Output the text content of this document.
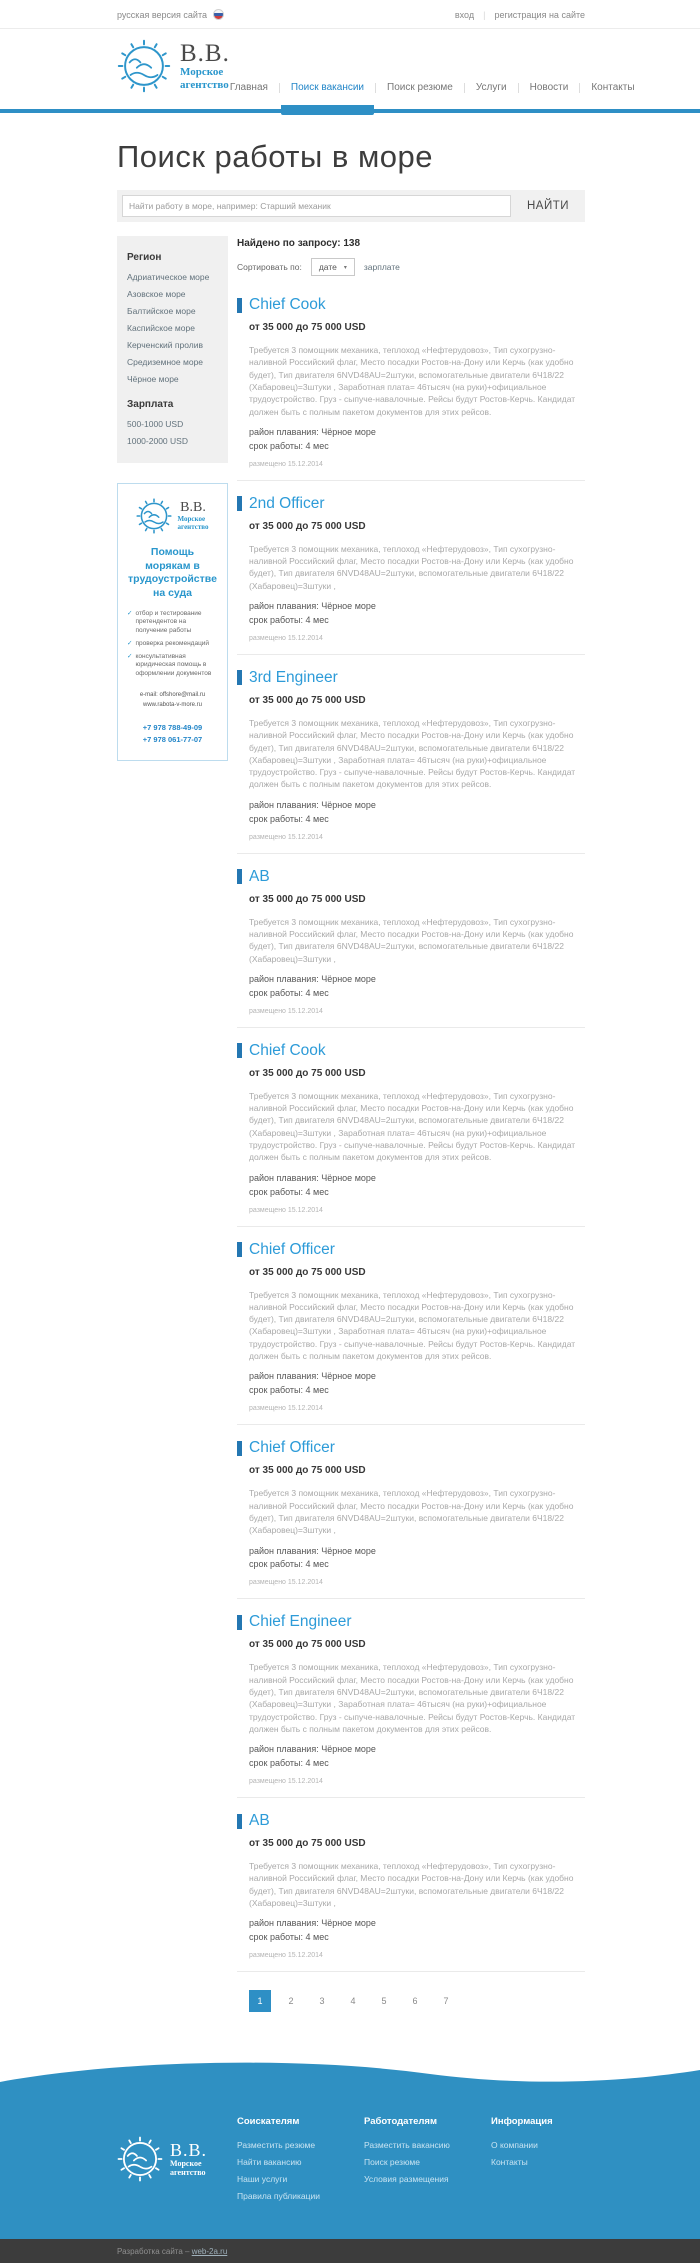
русская версия сайта	вход | регистрация на сайте
В.В.
Морское
агентство Главная Поиск вакансии Поиск резюме Услуги Новости Контакты
Поиск работы в море
Найти работу в море, например: Старший механик
НАЙТИ
Регион
Адриатическое море
Азовское море
Балтийское море
Каспийское море
Керченский пролив
Средиземное море
Чёрное море
Зарплата
500-1000 USD
1000-2000 USD
В.В.
Морское
агентство
Помощь морякам в трудоустройстве на суда
✓ отбор и тестирование претендентов на получение работы
✓ проверка рекомендаций
✓ консультативная юридическая помощь в оформлении документов
e-mail: offshore@mail.ru
www.rabota-v-more.ru
+7 978 788-49-09
+7 978 061-77-07
Найдено по запросу: 138
Сортировать по: дате ▾ зарплате
Chief Cook
от 35 000 до 75 000 USD
Требуется 3 помощник механика, теплоход «Нефтерудовоз», Тип сухогрузно-наливной Российский флаг, Место посадки Ростов-на-Дону или Керчь (как удобно будет), Тип двигателя 6NVD48AU=2штуки, вспомогательные двигатели 6Ч18/22 (Хабаровец)=3штуки , Заработная плата= 46тысяч (на руки)+официальное трудоустройство. Груз - сыпуче-навалочные. Рейсы будут Ростов-Керчь. Кандидат должен быть с полным пакетом документов для этих рейсов.
район плавания: Чёрное море
срок работы: 4 мес
размещено 15.12.2014
2nd Officer
от 35 000 до 75 000 USD
Требуется 3 помощник механика, теплоход «Нефтерудовоз», Тип сухогрузно-наливной Российский флаг, Место посадки Ростов-на-Дону или Керчь (как удобно будет), Тип двигателя 6NVD48AU=2штуки, вспомогательные двигатели 6Ч18/22 (Хабаровец)=3штуки ,
район плавания: Чёрное море
срок работы: 4 мес
размещено 15.12.2014
3rd Engineer
от 35 000 до 75 000 USD
Требуется 3 помощник механика, теплоход «Нефтерудовоз», Тип сухогрузно-наливной Российский флаг, Место посадки Ростов-на-Дону или Керчь (как удобно будет), Тип двигателя 6NVD48AU=2штуки, вспомогательные двигатели 6Ч18/22 (Хабаровец)=3штуки , Заработная плата= 46тысяч (на руки)+официальное трудоустройство. Груз - сыпуче-навалочные. Рейсы будут Ростов-Керчь. Кандидат должен быть с полным пакетом документов для этих рейсов.
район плавания: Чёрное море
срок работы: 4 мес
размещено 15.12.2014
AB
от 35 000 до 75 000 USD
Требуется 3 помощник механика, теплоход «Нефтерудовоз», Тип сухогрузно-наливной Российский флаг, Место посадки Ростов-на-Дону или Керчь (как удобно будет), Тип двигателя 6NVD48AU=2штуки, вспомогательные двигатели 6Ч18/22 (Хабаровец)=3штуки ,
район плавания: Чёрное море
срок работы: 4 мес
размещено 15.12.2014
Chief Cook
от 35 000 до 75 000 USD
Требуется 3 помощник механика, теплоход «Нефтерудовоз», Тип сухогрузно-наливной Российский флаг, Место посадки Ростов-на-Дону или Керчь (как удобно будет), Тип двигателя 6NVD48AU=2штуки, вспомогательные двигатели 6Ч18/22 (Хабаровец)=3штуки , Заработная плата= 46тысяч (на руки)+официальное трудоустройство. Груз - сыпуче-навалочные. Рейсы будут Ростов-Керчь. Кандидат должен быть с полным пакетом документов для этих рейсов.
район плавания: Чёрное море
срок работы: 4 мес
размещено 15.12.2014
Chief Officer
от 35 000 до 75 000 USD
Требуется 3 помощник механика, теплоход «Нефтерудовоз», Тип сухогрузно-наливной Российский флаг, Место посадки Ростов-на-Дону или Керчь (как удобно будет), Тип двигателя 6NVD48AU=2штуки, вспомогательные двигатели 6Ч18/22 (Хабаровец)=3штуки , Заработная плата= 46тысяч (на руки)+официальное трудоустройство. Груз - сыпуче-навалочные. Рейсы будут Ростов-Керчь. Кандидат должен быть с полным пакетом документов для этих рейсов.
район плавания: Чёрное море
срок работы: 4 мес
размещено 15.12.2014
Chief Officer
от 35 000 до 75 000 USD
Требуется 3 помощник механика, теплоход «Нефтерудовоз», Тип сухогрузно-наливной Российский флаг, Место посадки Ростов-на-Дону или Керчь (как удобно будет), Тип двигателя 6NVD48AU=2штуки, вспомогательные двигатели 6Ч18/22 (Хабаровец)=3штуки ,
район плавания: Чёрное море
срок работы: 4 мес
размещено 15.12.2014
Chief Engineer
от 35 000 до 75 000 USD
Требуется 3 помощник механика, теплоход «Нефтерудовоз», Тип сухогрузно-наливной Российский флаг, Место посадки Ростов-на-Дону или Керчь (как удобно будет), Тип двигателя 6NVD48AU=2штуки, вспомогательные двигатели 6Ч18/22 (Хабаровец)=3штуки , Заработная плата= 46тысяч (на руки)+официальное трудоустройство. Груз - сыпуче-навалочные. Рейсы будут Ростов-Керчь. Кандидат должен быть с полным пакетом документов для этих рейсов.
район плавания: Чёрное море
срок работы: 4 мес
размещено 15.12.2014
AB
от 35 000 до 75 000 USD
Требуется 3 помощник механика, теплоход «Нефтерудовоз», Тип сухогрузно-наливной Российский флаг, Место посадки Ростов-на-Дону или Керчь (как удобно будет), Тип двигателя 6NVD48AU=2штуки, вспомогательные двигатели 6Ч18/22 (Хабаровец)=3штуки ,
район плавания: Чёрное море
срок работы: 4 мес
размещено 15.12.2014
1	2	3	4	5	6	7
В.В.
Морское
агентство
Соискателям
Разместить резюме
Найти вакансию
Наши услуги
Правила публикации
Работодателям
Разместить вакансию
Поиск резюме
Условия размещения
Информация
О компании
Контакты
Разработка сайта – web-2a.ru
